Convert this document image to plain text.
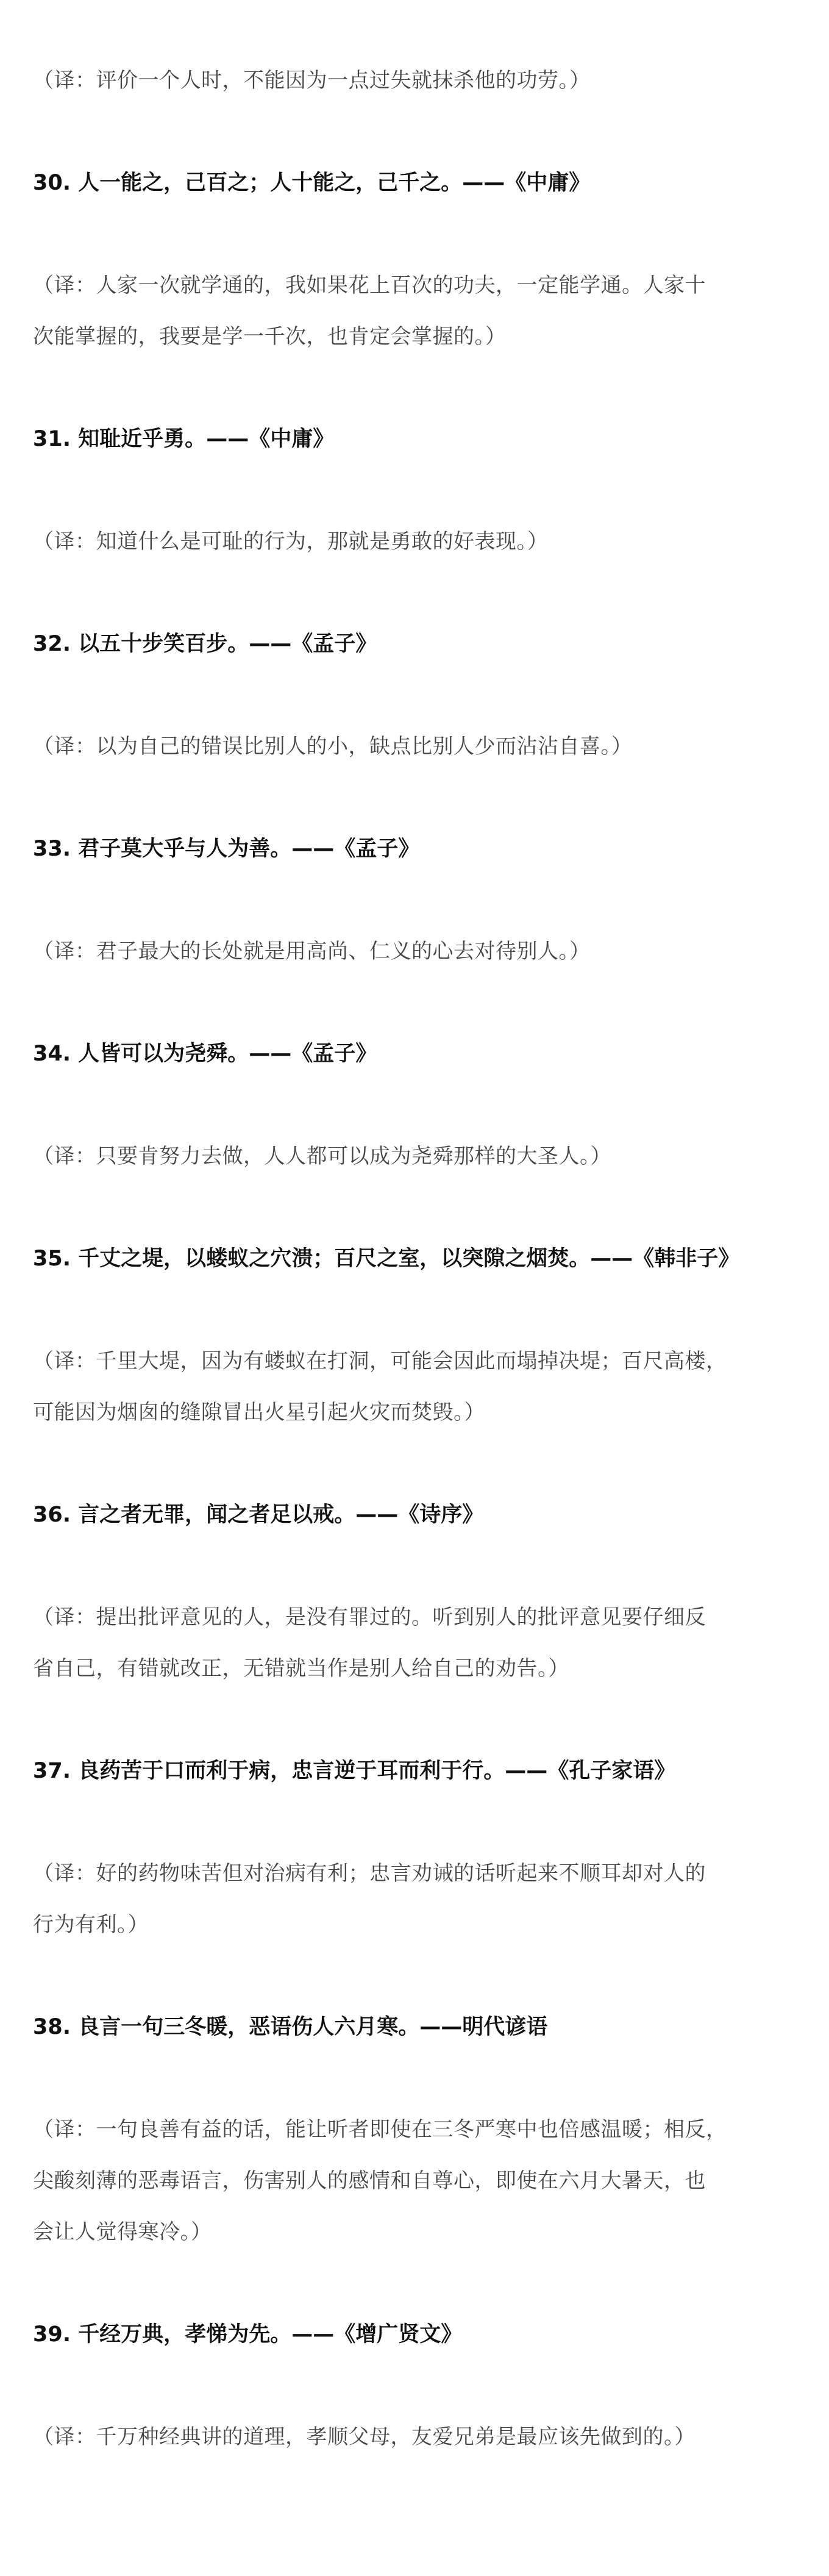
（译：评价一个人时，不能因为一点过失就抹杀他的功劳。）

30. 人一能之，己百之；人十能之，己千之。——《中庸》

（译：人家一次就学通的，我如果花上百次的功夫，一定能学通。人家十

次能掌握的，我要是学一千次，也肯定会掌握的。）

31. 知耻近乎勇。——《中庸》

（译：知道什么是可耻的行为，那就是勇敢的好表现。）

32. 以五十步笑百步。——《孟子》

（译：以为自己的错误比别人的小，缺点比别人少而沾沾自喜。）

33. 君子莫大乎与人为善。——《孟子》

（译：君子最大的长处就是用高尚、仁义的心去对待别人。）

34. 人皆可以为尧舜。——《孟子》

（译：只要肯努力去做，人人都可以成为尧舜那样的大圣人。）

35. 千丈之堤，以蝼蚁之穴溃；百尺之室，以突隙之烟焚。——《韩非子》

（译：千里大堤，因为有蝼蚁在打洞，可能会因此而塌掉决堤；百尺高楼，

可能因为烟囱的缝隙冒出火星引起火灾而焚毁。）

36. 言之者无罪，闻之者足以戒。——《诗序》

（译：提出批评意见的人，是没有罪过的。听到别人的批评意见要仔细反

省自己，有错就改正，无错就当作是别人给自己的劝告。）

37. 良药苦于口而利于病，忠言逆于耳而利于行。——《孔子家语》

（译：好的药物味苦但对治病有利；忠言劝诫的话听起来不顺耳却对人的

行为有利。）

38. 良言一句三冬暖，恶语伤人六月寒。——明代谚语

（译：一句良善有益的话，能让听者即使在三冬严寒中也倍感温暖；相反，

尖酸刻薄的恶毒语言，伤害别人的感情和自尊心，即使在六月大暑天，也

会让人觉得寒冷。）

39. 千经万典，孝悌为先。——《增广贤文》

（译：千万种经典讲的道理，孝顺父母，友爱兄弟是最应该先做到的。）
